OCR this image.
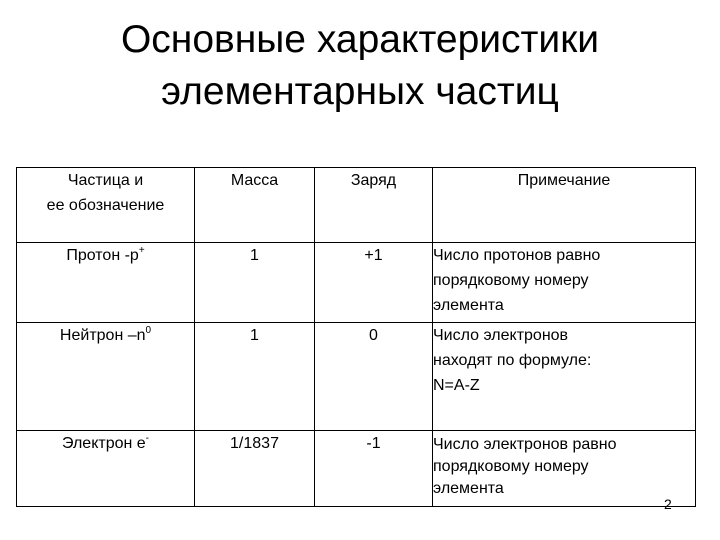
Основные характеристики
элементарных частиц
Частица и
ее обозначение	Масса	Заряд	Примечание
Протон -р+	1	+1	Число протонов равно
порядковому номеру
элемента

Нейтрон $-n^0$	1	0	Число электронов
находят по формуле:
N=A-Z

Электрон е-	1/1837	-1	Число электронов равно
порядковому номеру
элемента
2
